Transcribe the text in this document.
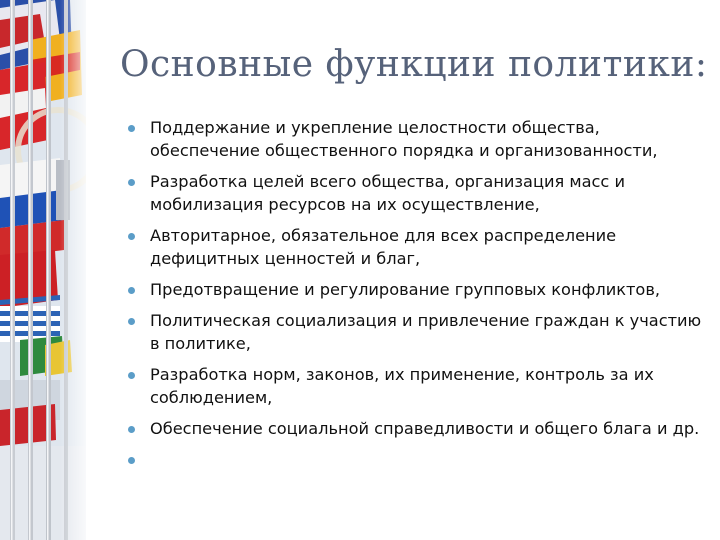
Основные функции политики:
Поддержание и укрепление целостности общества, обеспечение общественного порядка и организованности,
Разработка целей всего общества, организация масс и мобилизация ресурсов на их осуществление,
Авторитарное, обязательное для всех распределение дефицитных ценностей и благ,
Предотвращение и регулирование групповых конфликтов,
Политическая социализация и привлечение граждан к участию в политике,
Разработка норм, законов, их применение, контроль за их соблюдением,
Обеспечение социальной справедливости и общего блага и др.
